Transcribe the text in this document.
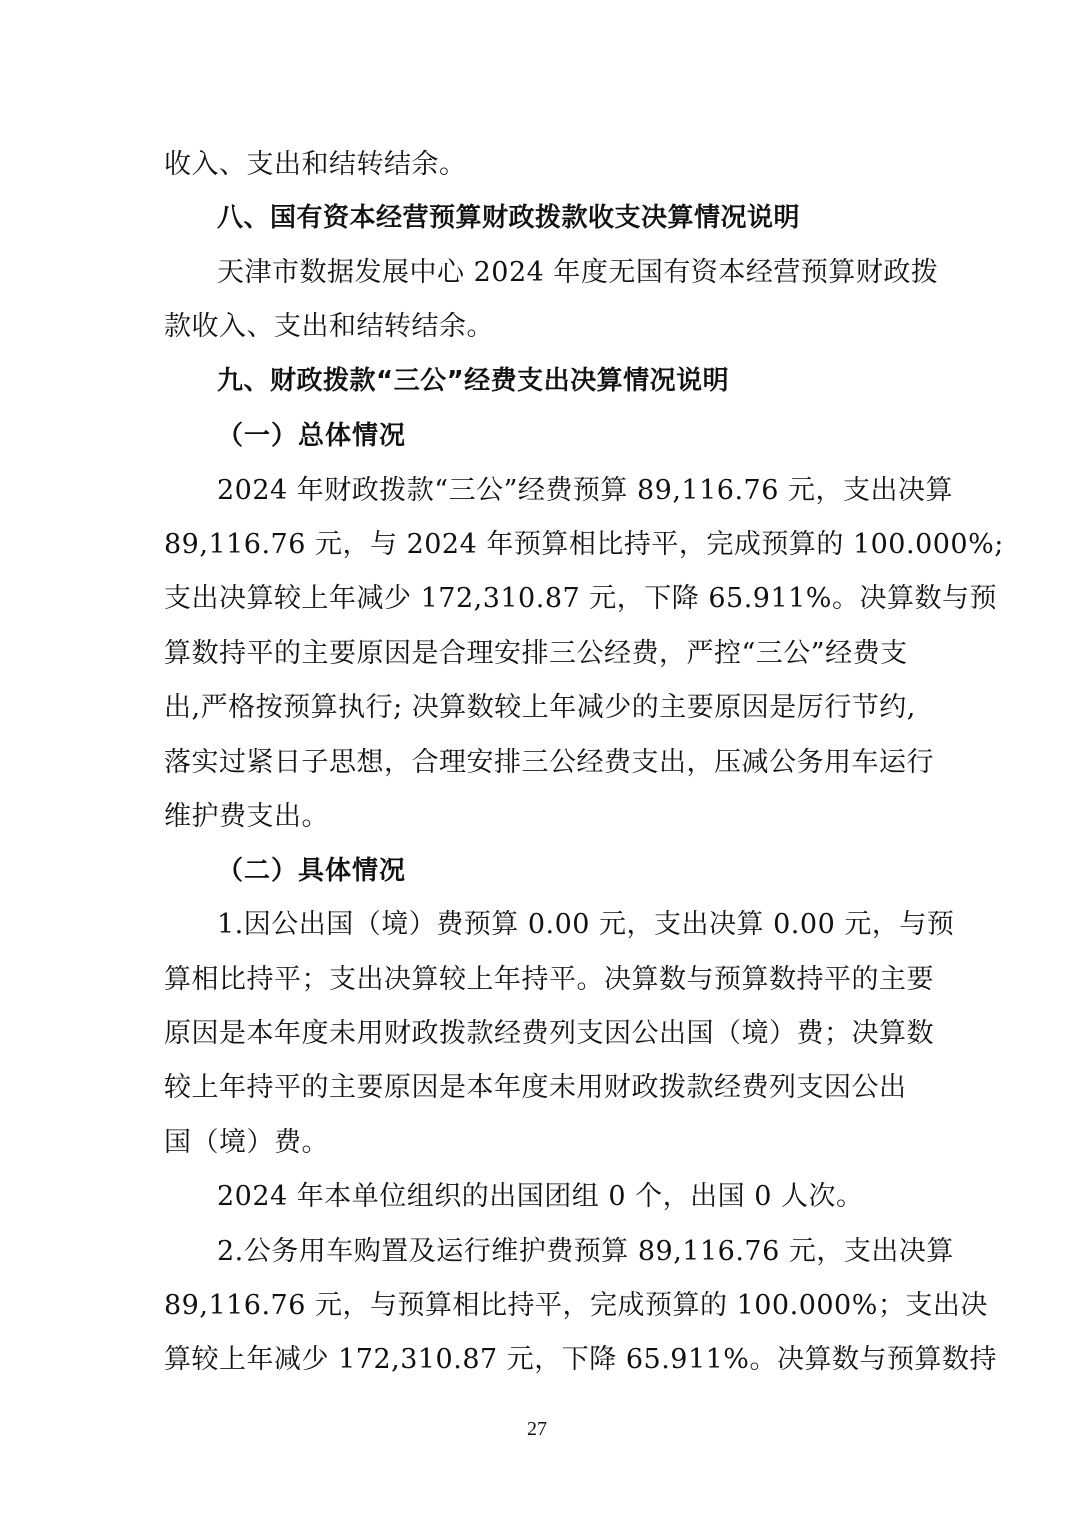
收入、支出和结转结余。
八、国有资本经营预算财政拨款收支决算情况说明
天津市数据发展中心 2024 年度无国有资本经营预算财政拨
款收入、支出和结转结余。
九、财政拨款“三公”经费支出决算情况说明
（一）总体情况
2024 年财政拨款“三公”经费预算 89,116.76 元，支出决算
89,116.76 元，与 2024 年预算相比持平，完成预算的 100.000%;
支出决算较上年减少 172,310.87 元，下降 65.911%。决算数与预
算数持平的主要原因是合理安排三公经费，严控“三公”经费支
出,严格按预算执行; 决算数较上年减少的主要原因是厉行节约,
落实过紧日子思想，合理安排三公经费支出，压减公务用车运行
维护费支出。
（二）具体情况
1.因公出国（境）费预算 0.00 元，支出决算 0.00 元，与预
算相比持平；支出决算较上年持平。决算数与预算数持平的主要
原因是本年度未用财政拨款经费列支因公出国（境）费；决算数
较上年持平的主要原因是本年度未用财政拨款经费列支因公出
国（境）费。
2024 年本单位组织的出国团组 0 个，出国 0 人次。
2.公务用车购置及运行维护费预算 89,116.76 元，支出决算
89,116.76 元，与预算相比持平，完成预算的 100.000%；支出决
算较上年减少 172,310.87 元，下降 65.911%。决算数与预算数持
27
